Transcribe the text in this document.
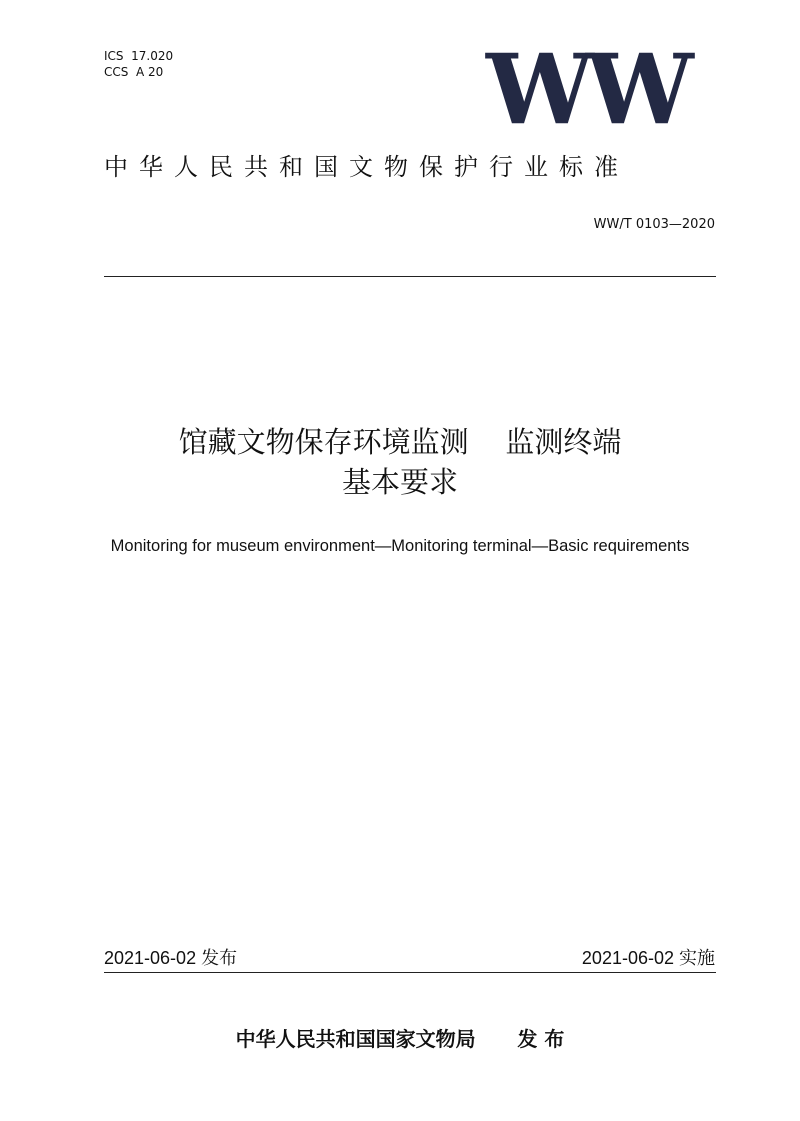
ICS  17.020
CCS  A 20	WW
中华人民共和国文物保护行业标准
WW/T 0103—2020
馆藏文物保存环境监测    监测终端
基本要求
Monitoring for museum environment—Monitoring terminal—Basic requirements
2021-06-02 发布	2021-06-02 实施
中华人民共和国国家文物局      发 布
